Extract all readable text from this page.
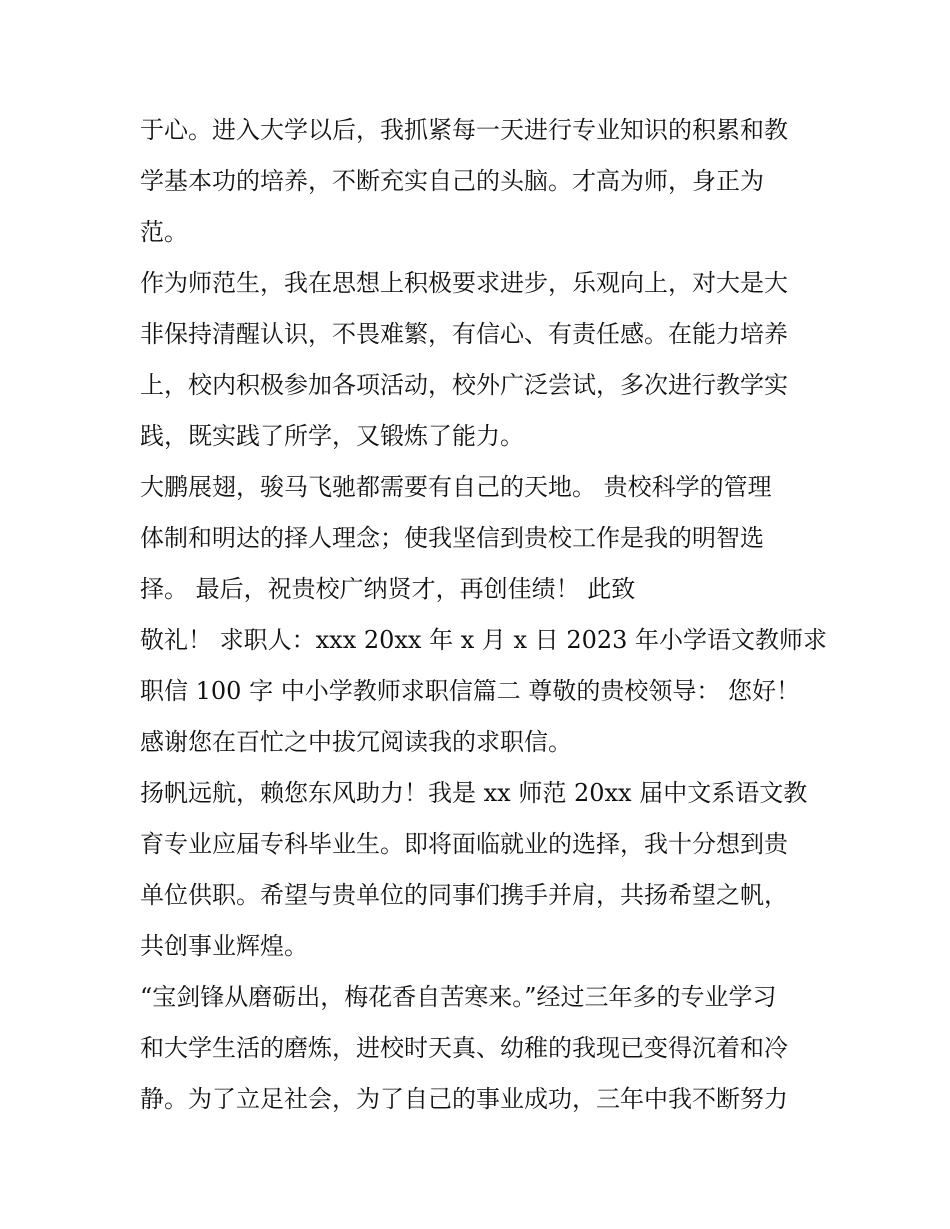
于心。进入大学以后，我抓紧每一天进行专业知识的积累和教
学基本功的培养，不断充实自己的头脑。才高为师，身正为
范。
作为师范生，我在思想上积极要求进步，乐观向上，对大是大
非保持清醒认识，不畏难繁，有信心、有责任感。在能力培养
上，校内积极参加各项活动，校外广泛尝试，多次进行教学实
践，既实践了所学，又锻炼了能力。
大鹏展翅，骏马飞驰都需要有自己的天地。 贵校科学的管理
体制和明达的择人理念；使我坚信到贵校工作是我的明智选
择。 最后，祝贵校广纳贤才，再创佳绩！ 此致
敬礼！ 求职人：xxx 20xx 年 x 月 x 日 2023 年小学语文教师求
职信 100 字 中小学教师求职信篇二 尊敬的贵校领导： 您好！
感谢您在百忙之中拔冗阅读我的求职信。
扬帆远航，赖您东风助力！我是 xx 师范 20xx 届中文系语文教
育专业应届专科毕业生。即将面临就业的选择，我十分想到贵
单位供职。希望与贵单位的同事们携手并肩，共扬希望之帆，
共创事业辉煌。
“宝剑锋从磨砺出，梅花香自苦寒来。”经过三年多的专业学习
和大学生活的磨炼，进校时天真、幼稚的我现已变得沉着和冷
静。为了立足社会，为了自己的事业成功，三年中我不断努力
